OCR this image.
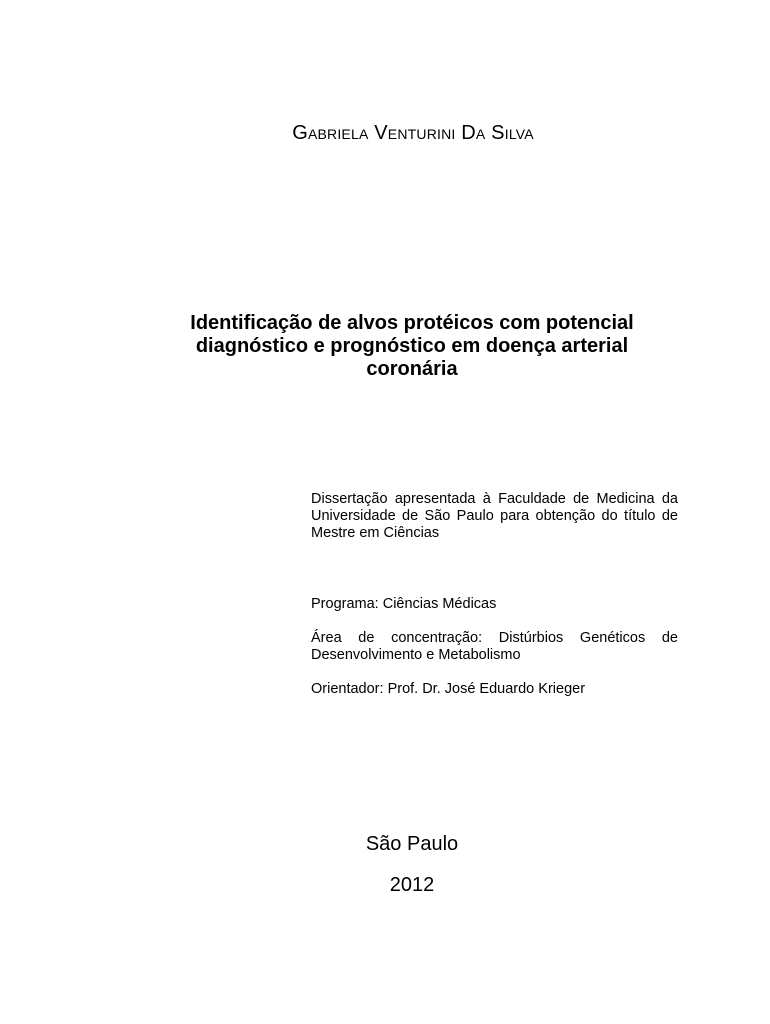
Gabriela Venturini Da Silva
Identificação de alvos protéicos com potencial diagnóstico e prognóstico em doença arterial coronária
Dissertação apresentada à Faculdade de Medicina da Universidade de São Paulo para obtenção do título de Mestre em Ciências
Programa: Ciências Médicas
Área de concentração: Distúrbios Genéticos de Desenvolvimento e Metabolismo
Orientador: Prof. Dr. José Eduardo Krieger
São Paulo
2012
